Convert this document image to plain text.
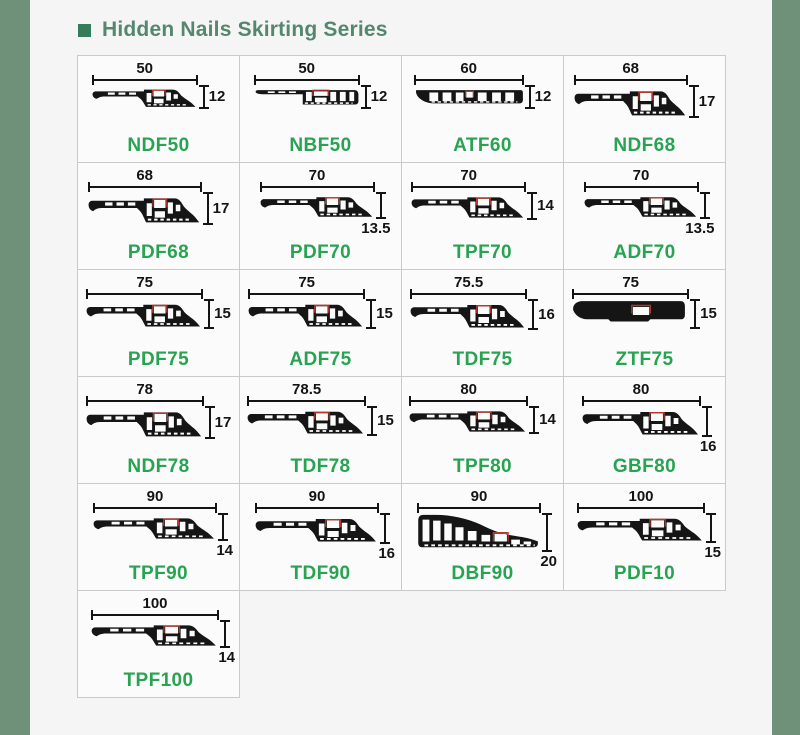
Hidden Nails Skirting Series
50
12
NDF50
50
12
NBF50
60
12
ATF60
68
17
NDF68
68
17
PDF68
70
13.5
PDF70
70
14
TPF70
70
13.5
ADF70
75
15
PDF75
75
15
ADF75
75.5
16
TDF75
75
15
ZTF75
78
17
NDF78
78.5
15
TDF78
80
14
TPF80
80
16
GBF80
90
14
TPF90
90
16
TDF90
90
20
DBF90
100
15
PDF10
100
14
TPF100
